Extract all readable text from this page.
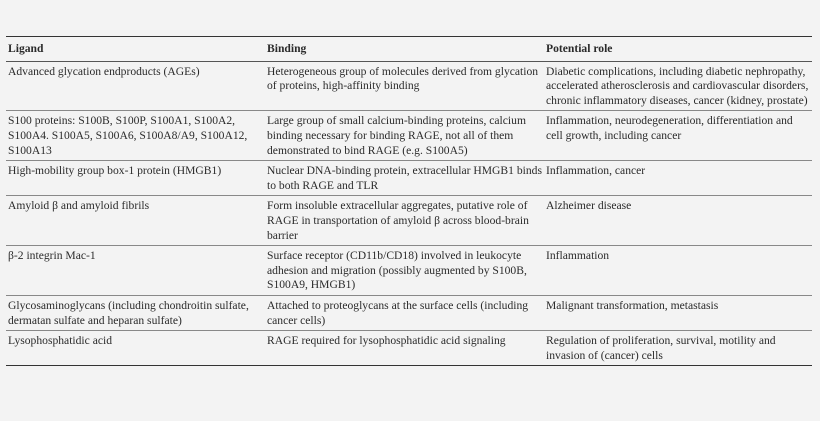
Ligand	Binding	Potential role
Advanced glycation endproducts (AGEs)	Heterogeneous group of molecules derived from glycation of proteins, high-affinity binding	Diabetic complications, including diabetic nephropathy, accelerated atherosclerosis and cardiovascular disorders, chronic inflammatory diseases, cancer (kidney, prostate)
S100 proteins: S100B, S100P, S100A1, S100A2, S100A4. S100A5, S100A6, S100A8/A9, S100A12, S100A13	Large group of small calcium-binding proteins, calcium binding necessary for binding RAGE, not all of them demonstrated to bind RAGE (e.g. S100A5)	Inflammation, neurodegeneration, differentiation and cell growth, including cancer
High-mobility group box-1 protein (HMGB1)	Nuclear DNA-binding protein, extracellular HMGB1 binds to both RAGE and TLR	Inflammation, cancer
Amyloid β and amyloid fibrils	Form insoluble extracellular aggregates, putative role of RAGE in transportation of amyloid β across blood-brain barrier	Alzheimer disease
β-2 integrin Mac-1	Surface receptor (CD11b/CD18) involved in leukocyte adhesion and migration (possibly augmented by S100B, S100A9, HMGB1)	Inflammation
Glycosaminoglycans (including chondroitin sulfate, dermatan sulfate and heparan sulfate)	Attached to proteoglycans at the surface cells (including cancer cells)	Malignant transformation, metastasis
Lysophosphatidic acid	RAGE required for lysophosphatidic acid signaling	Regulation of proliferation, survival, motility and invasion of (cancer) cells
